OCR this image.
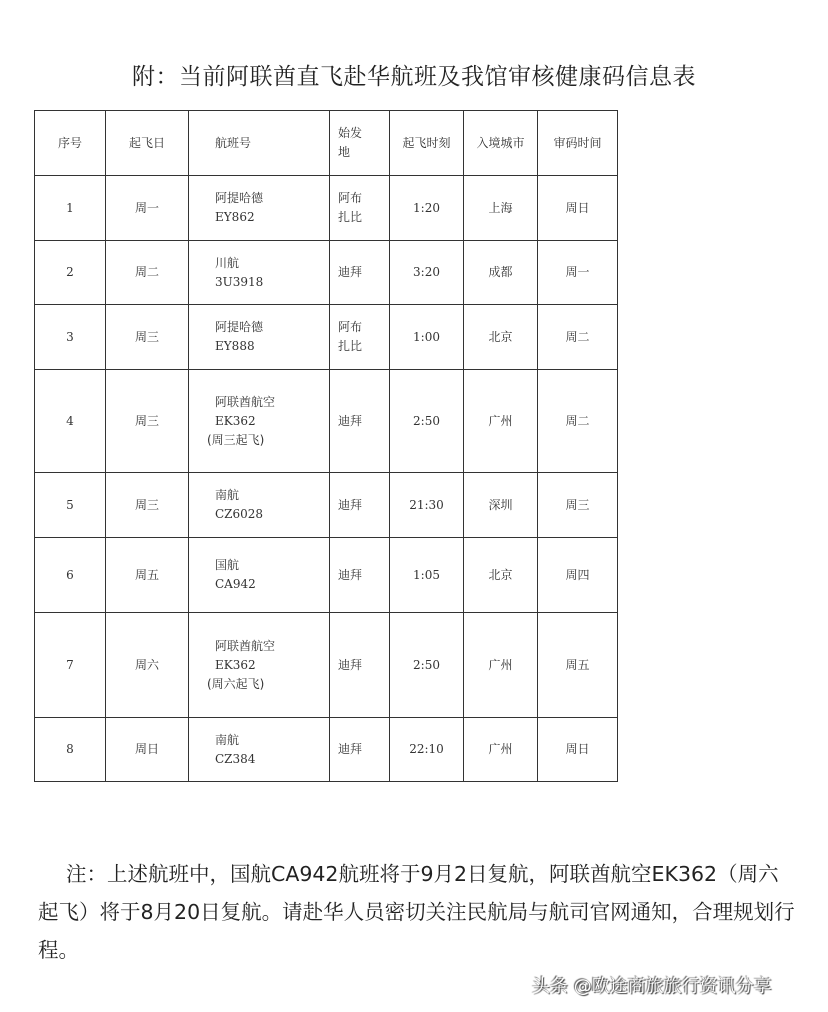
附：当前阿联酋直飞赴华航班及我馆审核健康码信息表
序号	起飞日	航班号	始发地	起飞时刻	入境城市	审码时间
1	周一	阿提哈德
EY862	阿布扎比	1:20	上海	周日
2	周二	川航
3U3918	迪拜	3:20	成都	周一
3	周三	阿提哈德
EY888	阿布扎比	1:00	北京	周二
4	周三	阿联酋航空
EK362
(周三起飞)	迪拜	2:50	广州	周二
5	周三	南航
CZ6028	迪拜	21:30	深圳	周三
6	周五	国航
CA942	迪拜	1:05	北京	周四
7	周六	阿联酋航空
EK362
(周六起飞)	迪拜	2:50	广州	周五
8	周日	南航
CZ384	迪拜	22:10	广州	周日
注：上述航班中，国航CA942航班将于9月2日复航，阿联酋航空EK362（周六起飞）将于8月20日复航。请赴华人员密切关注民航局与航司官网通知，合理规划行程。
头条 @欧途商旅旅行资讯分享
